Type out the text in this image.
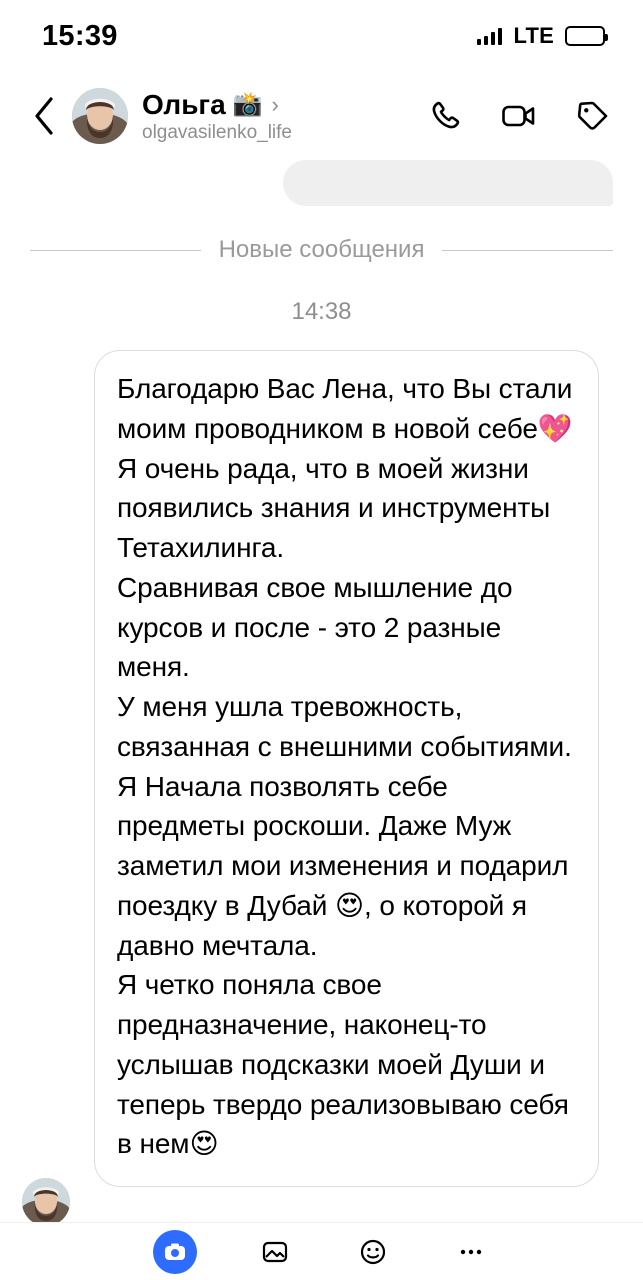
15:39	LTE
Ольга 📸 ›
olgavasilenko_life
Новые сообщения
14:38

Благодарю Вас Лена, что Вы стали моим проводником в новой себе💖

Я очень рада, что в моей жизни появились знания и инструменты Тетахилинга.

Сравнивая свое мышление до курсов и после - это 2 разные меня.

У меня ушла тревожность, связанная с внешними событиями. Я Начала позволять себе предметы роскоши. Даже Муж заметил мои изменения и подарил поездку в Дубай 😍, о которой я давно мечтала.

Я четко поняла свое предназначение, наконец-то услышав подсказки моей Души и теперь твердо реализовываю себя в нем😍
